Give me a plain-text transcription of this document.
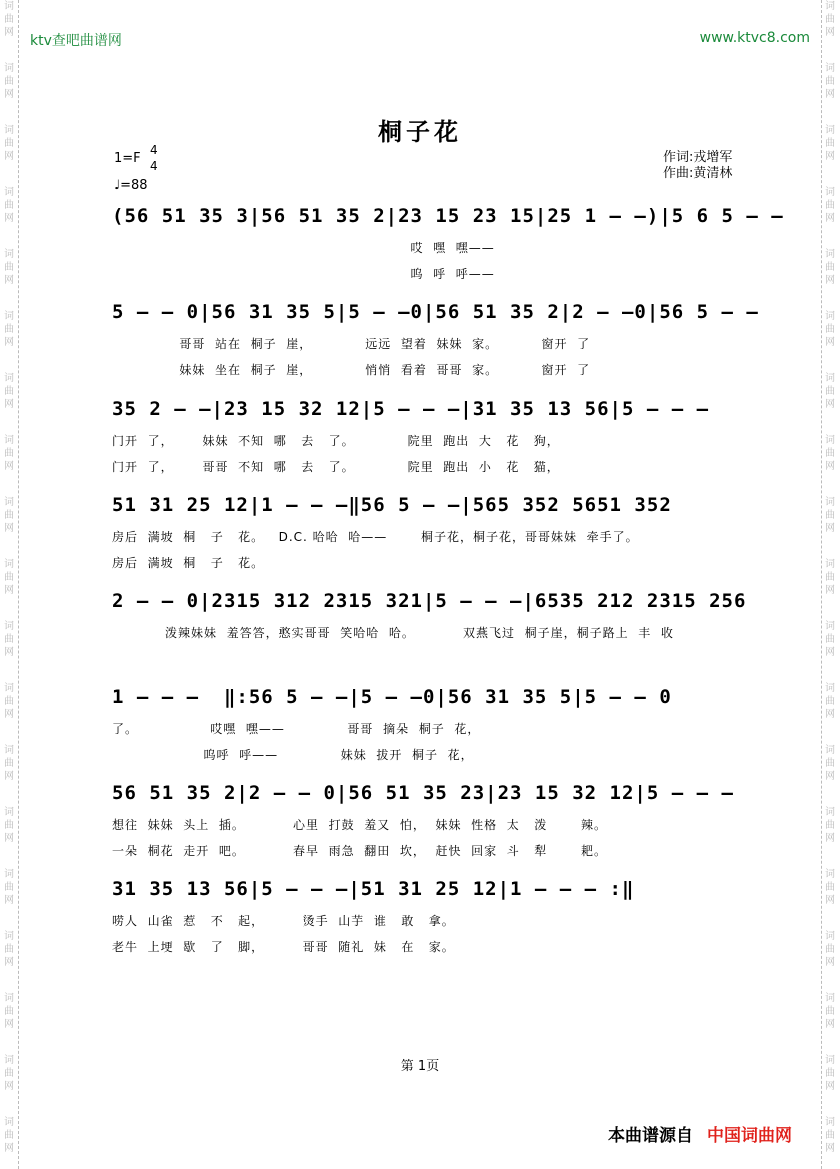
ktv查吧曲谱网	www.ktvc8.com
桐子花
1=F
4
4
♩=88
作词:戎增军
作曲:黄清林
(56 51 35 3|56 51 35 2|23 15 23 15|25 1 — —)|5 6 5 — —
哎  嘿  嘿——
呜  呼  呼——
5 — — 0|56 31 35 5|5 — —0|56 51 35 2|2 — —0|56 5 — —
哥哥  站在  桐子  崖，           远远  望着  妹妹  家。         窗开  了
妹妹  坐在  桐子  崖，           悄悄  看着  哥哥  家。         窗开  了
35 2 — —|23 15 32 12|5 — — —|31 35 13 56|5 — — —
门开  了，      妹妹  不知  哪   去   了。           院里  跑出  大   花   狗，
门开  了，      哥哥  不知  哪   去   了。           院里  跑出  小   花   猫，
51 31 25 12|1 — — —‖56 5 — —|565 352 5651 352
房后  满坡  桐   子   花。   D.C. 哈哈  哈——       桐子花，桐子花，哥哥妹妹  牵手了。
房后  满坡  桐   子   花。
2 — — 0|2315 312 2315 321|5 — — —|6535 212 2315 256
泼辣妹妹  羞答答，憨实哥哥  笑哈哈  哈。          双燕飞过  桐子崖，桐子路上  丰  收
1 — — —  ‖:56 5 — —|5 — —0|56 31 35 5|5 — — 0
了。               哎嘿  嘿——             哥哥  摘朵  桐子  花，
呜呼  呼——             妹妹  拔开  桐子  花，
56 51 35 2|2 — — 0|56 51 35 23|23 15 32 12|5 — — —
想往  妹妹  头上  插。          心里  打鼓  羞又  怕，  妹妹  性格  太   泼       辣。
一朵  桐花  走开  吧。          春早  雨急  翻田  坎，  赶快  回家  斗   犁       耙。
31 35 13 56|5 — — —|51 31 25 12|1 — — — :‖
唠人  山雀  惹   不   起，        烫手  山芋  谁   敢   拿。
老牛  上埂  歇   了   脚，        哥哥  随礼  妹   在   家。
第 1页
本曲谱源自 中国词曲网
词
曲
网
词
曲
网
词
曲
网
词
曲
网
词
曲
网
词
曲
网
词
曲
网
词
曲
网
词
曲
网
词
曲
网
词
曲
网
词
曲
网
词
曲
网
词
曲
网
词
曲
网
词
曲
网
词
曲
网
词
曲
网
词
曲
网
词
曲
网
词
曲
网
词
曲
网
词
曲
网
词
曲
网
词
曲
网
词
曲
网
词
曲
网
词
曲
网
词
曲
网
词
曲
网
词
曲
网
词
曲
网
词
曲
网
词
曲
网
词
曲
网
词
曲
网
词
曲
网
词
曲
网
